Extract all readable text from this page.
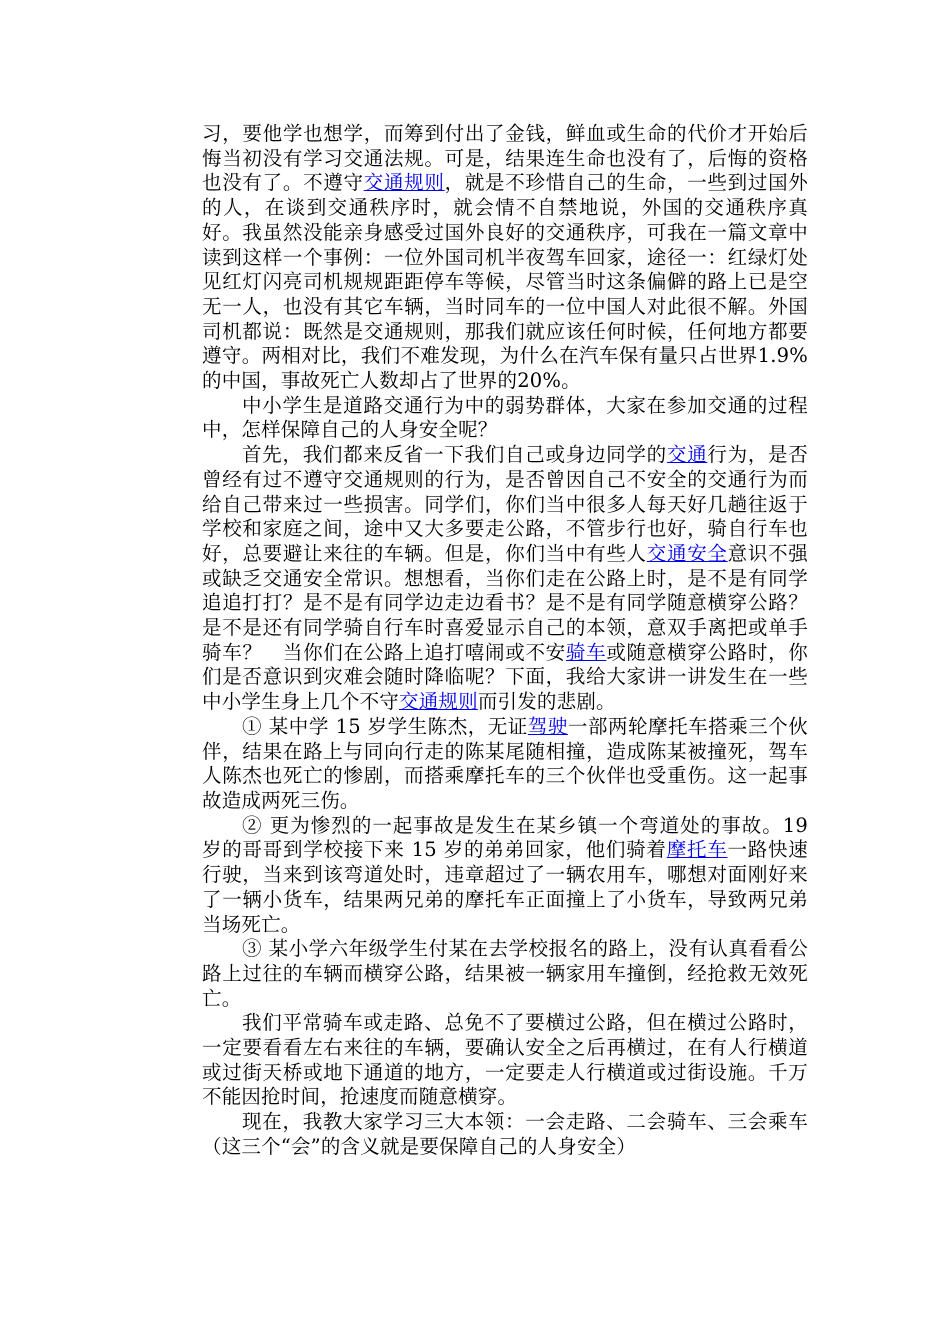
习，要他学也想学，而筹到付出了金钱，鲜血或生命的代价才开始后悔当初没有学习交通法规。可是，结果连生命也没有了，后悔的资格也没有了。不遵守交通规则，就是不珍惜自己的生命，一些到过国外的人，在谈到交通秩序时，就会情不自禁地说，外国的交通秩序真好。我虽然没能亲身感受过国外良好的交通秩序，可我在一篇文章中读到这样一个事例：一位外国司机半夜驾车回家，途径一：红绿灯处见红灯闪亮司机规规距距停车等候，尽管当时这条偏僻的路上已是空无一人，也没有其它车辆，当时同车的一位中国人对此很不解。外国司机都说：既然是交通规则，那我们就应该任何时候，任何地方都要遵守。两相对比，我们不难发现，为什么在汽车保有量只占世界1.9%的中国，事故死亡人数却占了世界的20%。

中小学生是道路交通行为中的弱势群体，大家在参加交通的过程中，怎样保障自己的人身安全呢？

首先，我们都来反省一下我们自己或身边同学的交通行为，是否曾经有过不遵守交通规则的行为，是否曾因自己不安全的交通行为而给自己带来过一些损害。同学们，你们当中很多人每天好几趟往返于学校和家庭之间，途中又大多要走公路，不管步行也好，骑自行车也好，总要避让来往的车辆。但是，你们当中有些人交通安全意识不强或缺乏交通安全常识。想想看，当你们走在公路上时，是不是有同学追追打打？是不是有同学边走边看书？是不是有同学随意横穿公路？是不是还有同学骑自行车时喜爱显示自己的本领，意双手离把或单手骑车？　当你们在公路上追打嘻闹或不安骑车或随意横穿公路时，你们是否意识到灾难会随时降临呢？下面，我给大家讲一讲发生在一些中小学生身上几个不守交通规则而引发的悲剧。

① 某中学 15 岁学生陈杰，无证驾驶一部两轮摩托车搭乘三个伙伴，结果在路上与同向行走的陈某尾随相撞，造成陈某被撞死，驾车人陈杰也死亡的惨剧，而搭乘摩托车的三个伙伴也受重伤。这一起事故造成两死三伤。

② 更为惨烈的一起事故是发生在某乡镇一个弯道处的事故。19 岁的哥哥到学校接下来 15 岁的弟弟回家，他们骑着摩托车一路快速行驶，当来到该弯道处时，违章超过了一辆农用车，哪想对面刚好来了一辆小货车，结果两兄弟的摩托车正面撞上了小货车，导致两兄弟当场死亡。

③ 某小学六年级学生付某在去学校报名的路上，没有认真看看公路上过往的车辆而横穿公路，结果被一辆家用车撞倒，经抢救无效死亡。

我们平常骑车或走路、总免不了要横过公路，但在横过公路时，一定要看看左右来往的车辆，要确认安全之后再横过，在有人行横道或过街天桥或地下通道的地方，一定要走人行横道或过街设施。千万不能因抢时间，抢速度而随意横穿。

现在，我教大家学习三大本领：一会走路、二会骑车、三会乘车（这三个“会”的含义就是要保障自己的人身安全）
